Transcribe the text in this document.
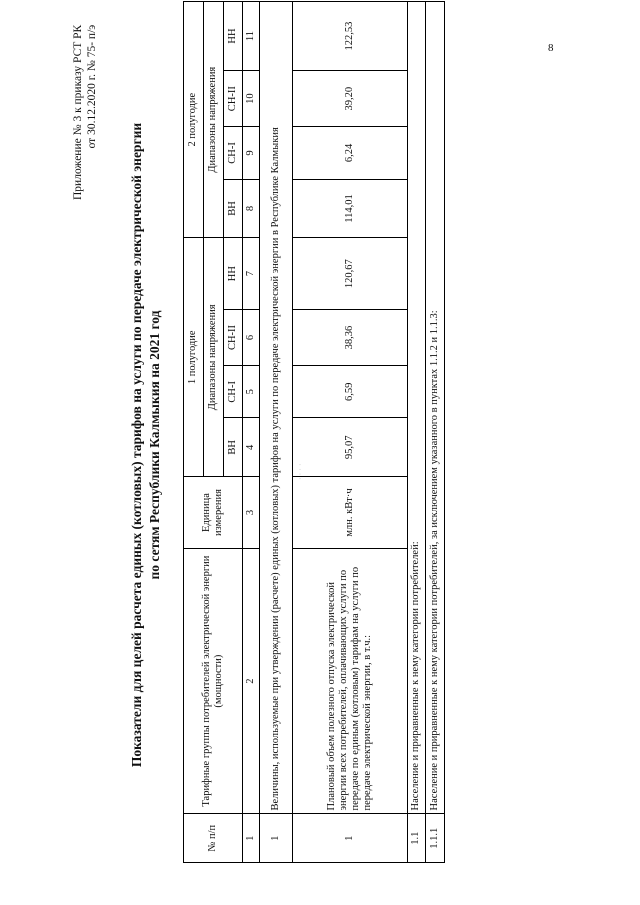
8
· · · ·
Приложение № 3 к приказу РСТ РК от 30.12.2020 г. № 75- п/э
Показатели для целей расчета единых (котловых) тарифов на услуги по передаче электрической энергии по сетям Республики Калмыкия на 2021 год
№ п/п	Тарифные группы потребителей электрической энергии (мощности)	Единица измерения	1 полугодие				2 полугодие			
			Диапазоны напряжения				Диапазоны напряжения			
			ВН	СН-I	СН-II	НН	ВН	СН-I	СН-II	НН
1	2	3	4	5	6	7	8	9	10	11
1	Величины, используемые при утверждении (расчете) единых (котловых) тарифов на услуги по передаче электрической энергии в Республике Калмыкия									
1	Плановый объем полезного отпуска электрической энергии всех потребителей, оплачивающих услуги по передаче по единым (котловым) тарифам на услуги по передаче электрической энергии, в т.ч.:	млн. кВт·ч	95,07	6,59	38,36	120,67	114,01	6,24	39,20	122,53
1.1	Население и приравненные к нему категории потребителей:									
1.1.1	Население и приравненные к нему категории потребителей, за исключением указанного в пунктах 1.1.2 и 1.1.3:									
